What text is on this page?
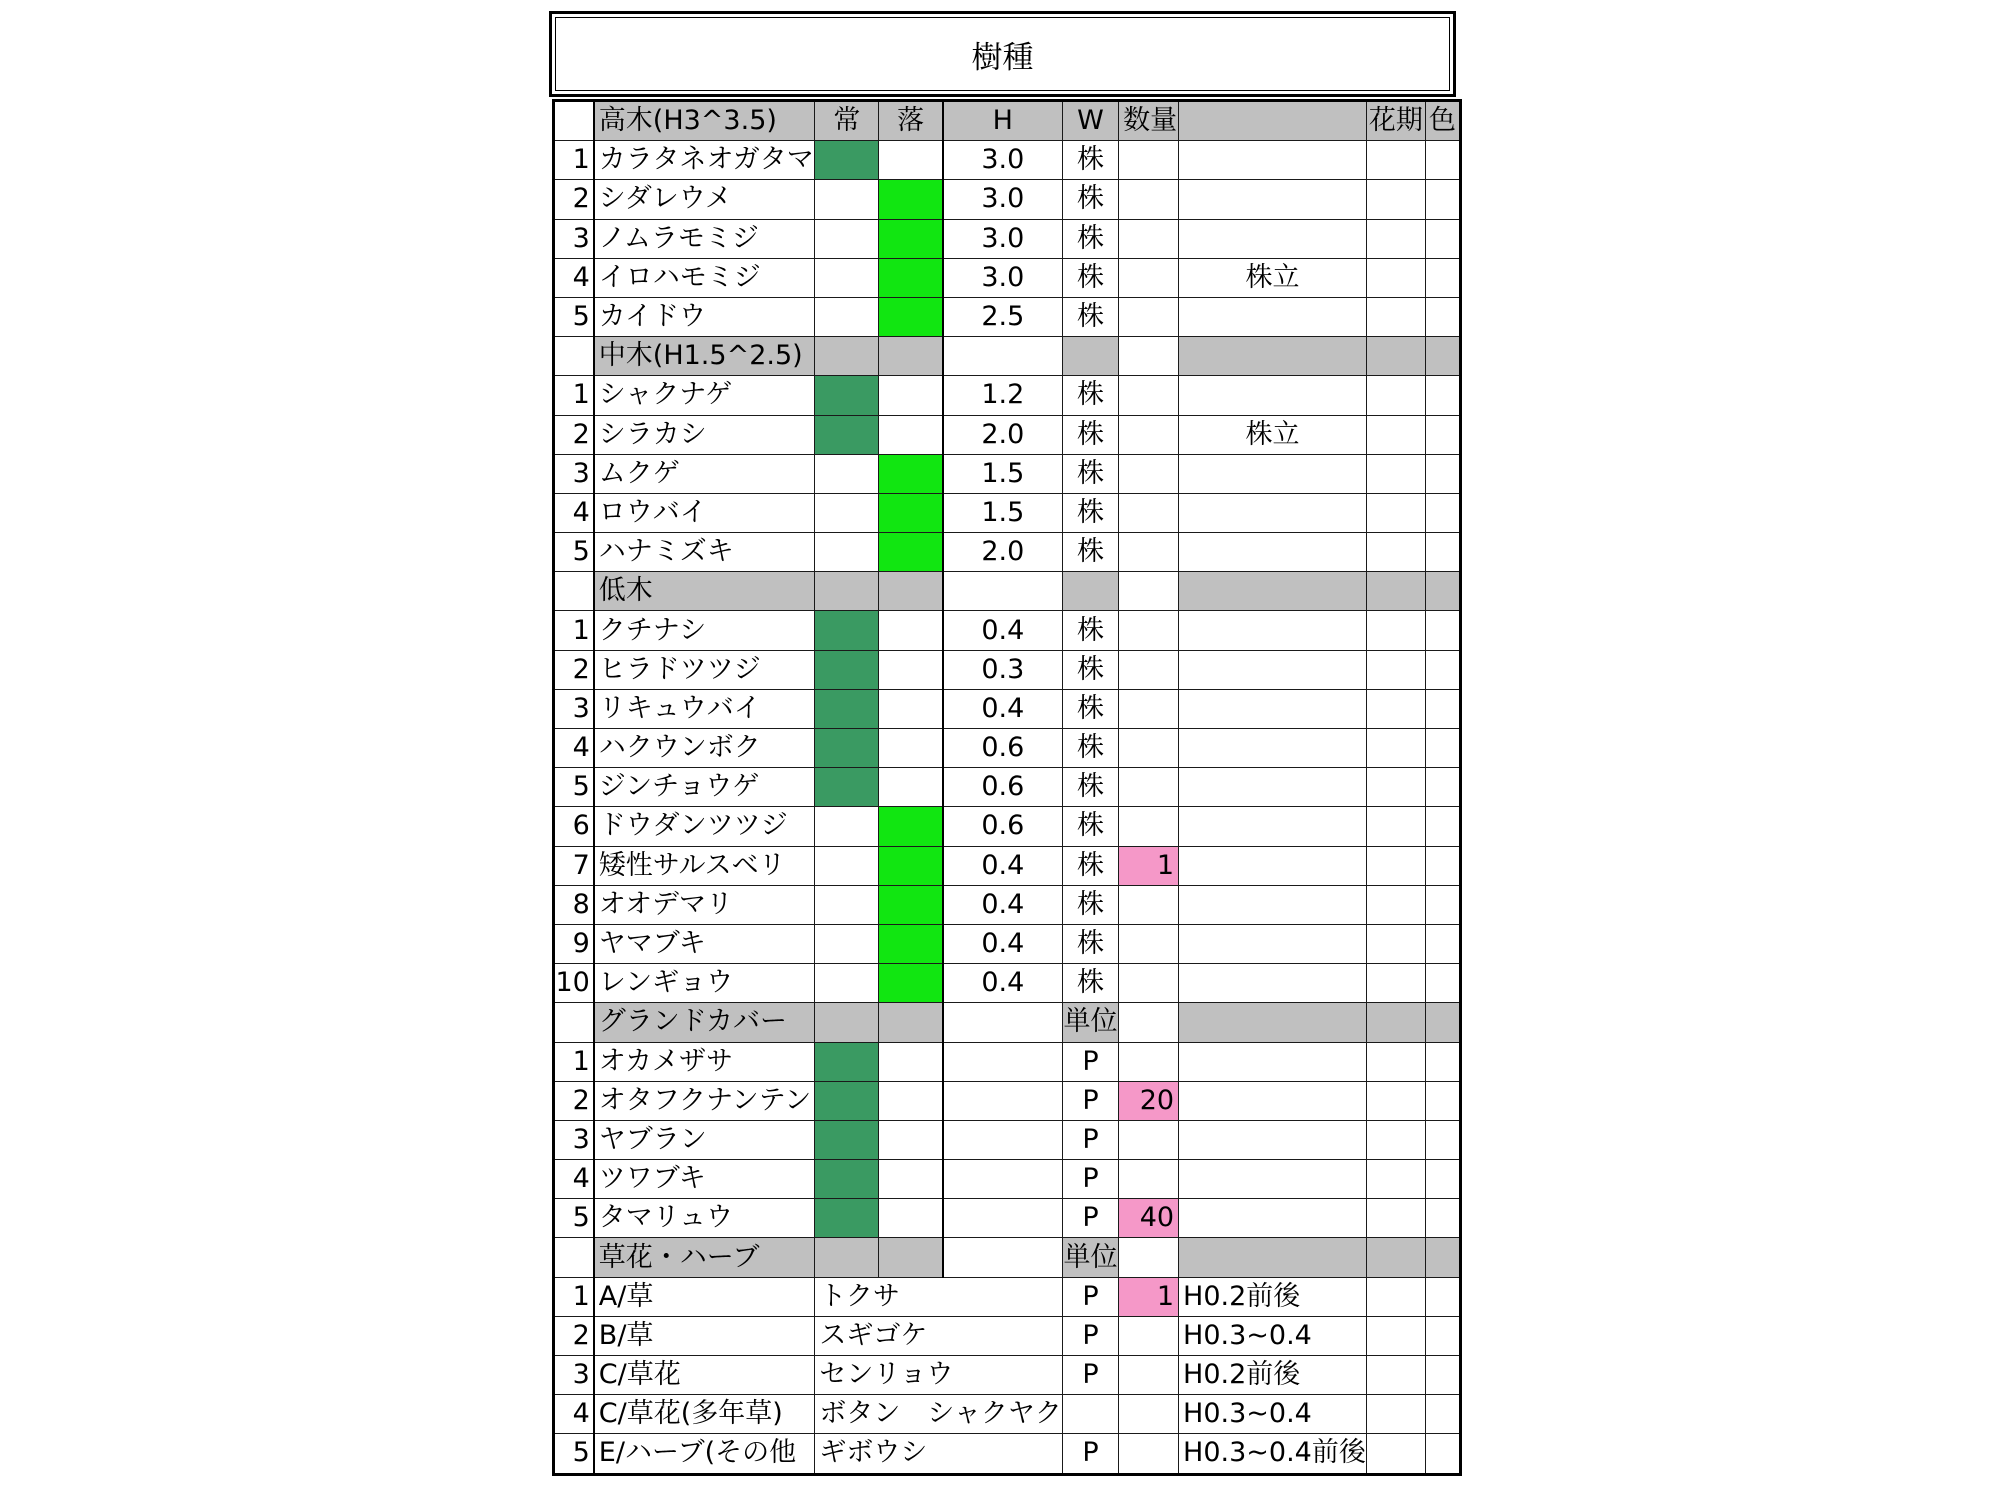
樹種
	高木(H3^3.5)	常	落	H	W	数量		花期	色
1	カラタネオガタマ			3.0	株				
2	シダレウメ			3.0	株				
3	ノムラモミジ			3.0	株				
4	イロハモミジ			3.0	株		株立		
5	カイドウ			2.5	株				
	中木(H1.5^2.5)								
1	シャクナゲ			1.2	株				
2	シラカシ			2.0	株		株立		
3	ムクゲ			1.5	株				
4	ロウバイ			1.5	株				
5	ハナミズキ			2.0	株				
	低木								
1	クチナシ			0.4	株				
2	ヒラドツツジ			0.3	株				
3	リキュウバイ			0.4	株				
4	ハクウンボク			0.6	株				
5	ジンチョウゲ			0.6	株				
6	ドウダンツツジ			0.6	株				
7	矮性サルスベリ			0.4	株	1			
8	オオデマリ			0.4	株				
9	ヤマブキ			0.4	株				
10	レンギョウ			0.4	株				
	グランドカバー				単位				
1	オカメザサ				P				
2	オタフクナンテン				P	20			
3	ヤブラン				P				
4	ツワブキ				P				
5	タマリュウ				P	40			
	草花・ハーブ				単位				
1	A/草	トクサ			P	1	H0.2前後		
2	B/草	スギゴケ			P		H0.3~0.4		
3	C/草花	センリョウ			P		H0.2前後		
4	C/草花(多年草)	ボタン　シャクヤク					H0.3~0.4		
5	E/ハーブ(その他	ギボウシ			P		H0.3~0.4前後		
